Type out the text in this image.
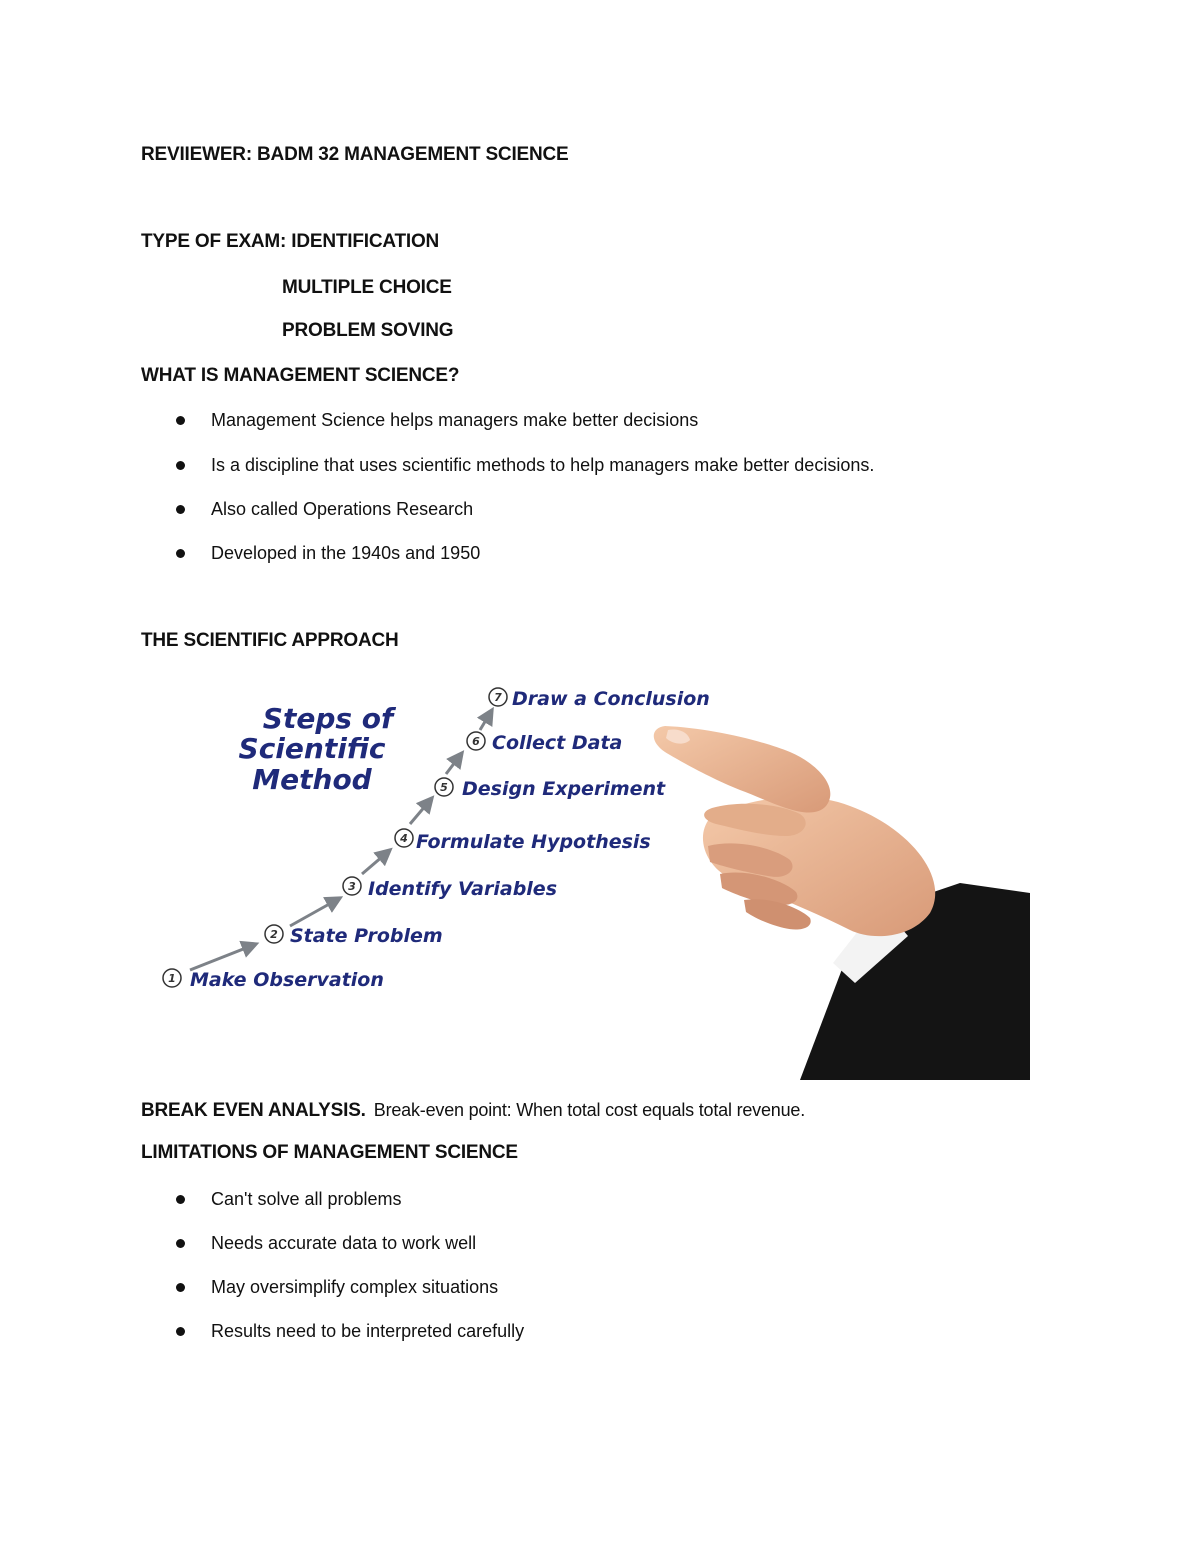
REVIIEWER: BADM 32 MANAGEMENT SCIENCE
TYPE OF EXAM: IDENTIFICATION
MULTIPLE CHOICE
PROBLEM SOVING
WHAT IS MANAGEMENT SCIENCE?
Management Science helps managers make better decisions
Is a discipline that uses scientific methods to help managers make better decisions.
Also called Operations Research
Developed in the 1940s and 1950
THE SCIENTIFIC APPROACH
Steps of
Scientific
Method
1 Make Observation
2 State Problem
3 Identify Variables
4 Formulate Hypothesis
5 Design Experiment
6 Collect Data
7 Draw a Conclusion
BREAK EVEN ANALYSIS. Break-even point: When total cost equals total revenue.
LIMITATIONS OF MANAGEMENT SCIENCE
Can't solve all problems
Needs accurate data to work well
May oversimplify complex situations
Results need to be interpreted carefully
